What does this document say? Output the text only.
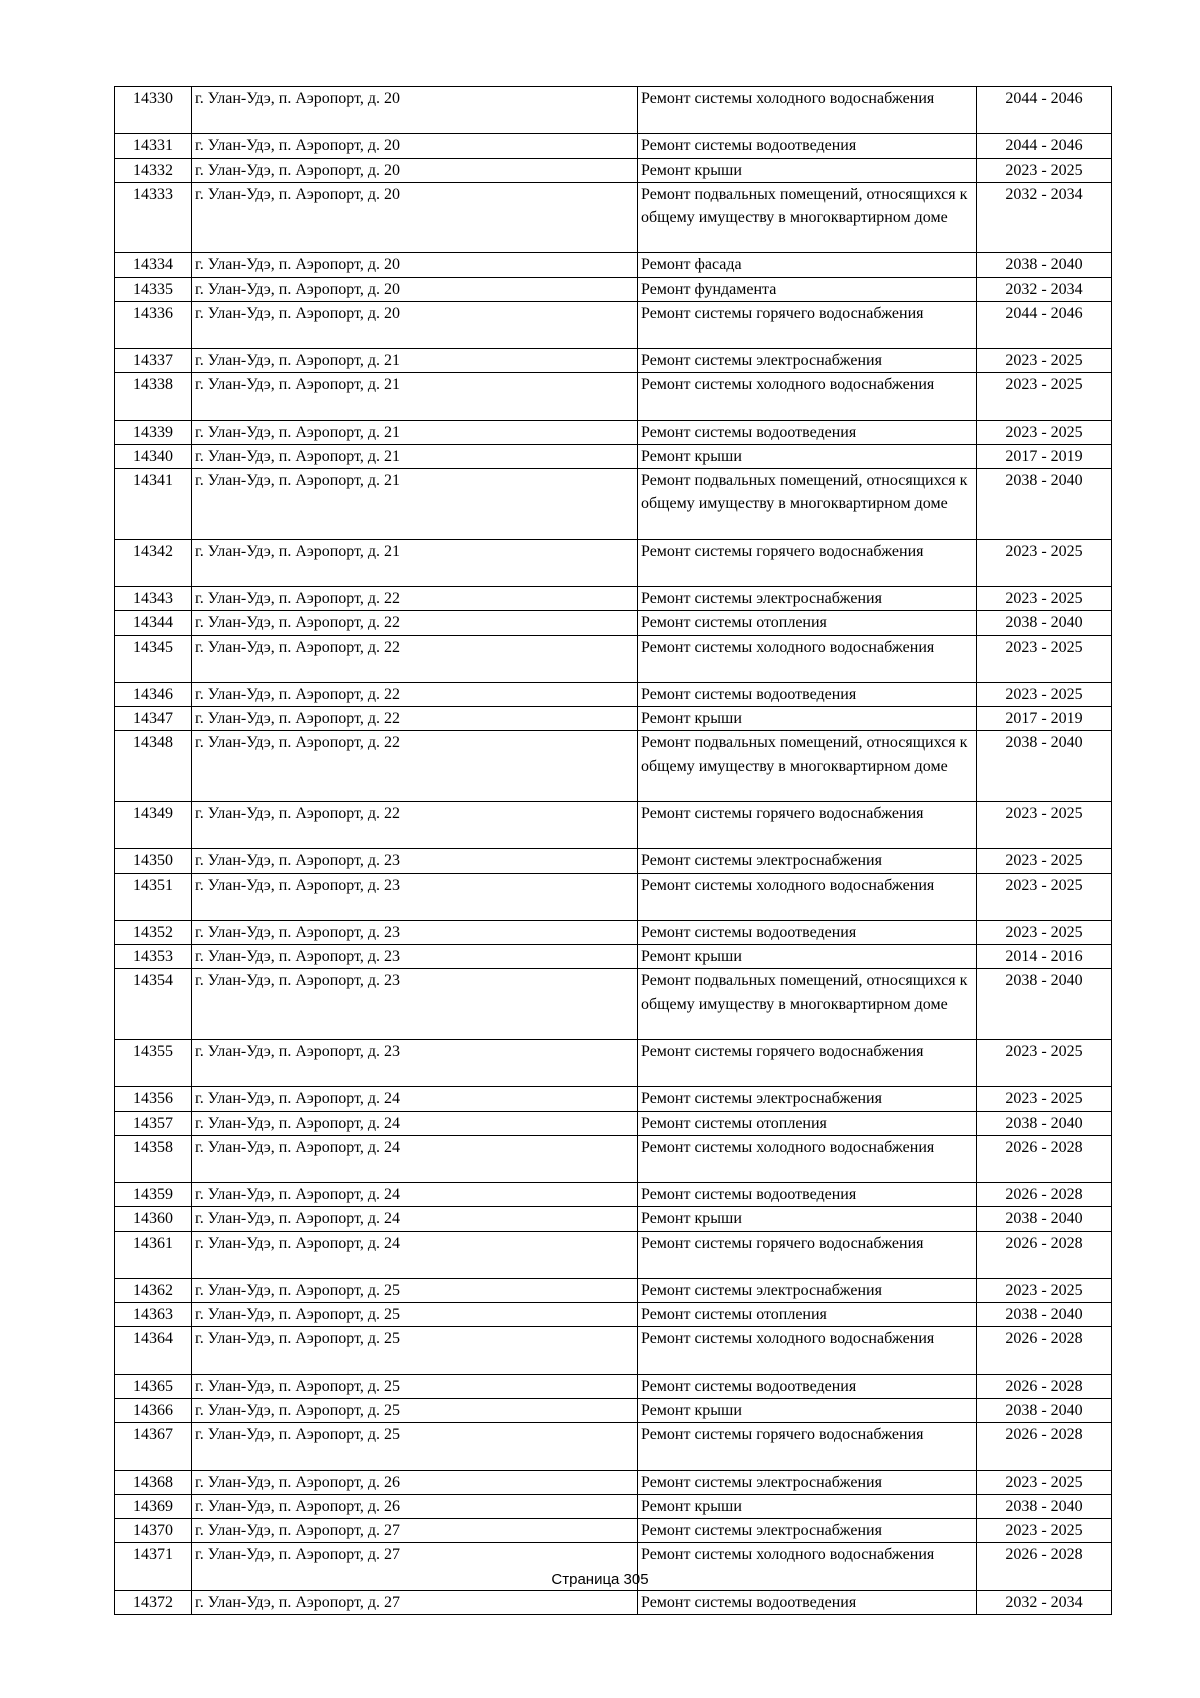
14330	г. Улан-Удэ, п. Аэропорт, д. 20	Ремонт системы холодного водоснабжения	2044 - 2046
14331	г. Улан-Удэ, п. Аэропорт, д. 20	Ремонт системы водоотведения	2044 - 2046
14332	г. Улан-Удэ, п. Аэропорт, д. 20	Ремонт крыши	2023 - 2025
14333	г. Улан-Удэ, п. Аэропорт, д. 20	Ремонт подвальных помещений, относящихся к общему имуществу в многоквартирном доме	2032 - 2034
14334	г. Улан-Удэ, п. Аэропорт, д. 20	Ремонт фасада	2038 - 2040
14335	г. Улан-Удэ, п. Аэропорт, д. 20	Ремонт фундамента	2032 - 2034
14336	г. Улан-Удэ, п. Аэропорт, д. 20	Ремонт системы горячего водоснабжения	2044 - 2046
14337	г. Улан-Удэ, п. Аэропорт, д. 21	Ремонт системы электроснабжения	2023 - 2025
14338	г. Улан-Удэ, п. Аэропорт, д. 21	Ремонт системы холодного водоснабжения	2023 - 2025
14339	г. Улан-Удэ, п. Аэропорт, д. 21	Ремонт системы водоотведения	2023 - 2025
14340	г. Улан-Удэ, п. Аэропорт, д. 21	Ремонт крыши	2017 - 2019
14341	г. Улан-Удэ, п. Аэропорт, д. 21	Ремонт подвальных помещений, относящихся к общему имуществу в многоквартирном доме	2038 - 2040
14342	г. Улан-Удэ, п. Аэропорт, д. 21	Ремонт системы горячего водоснабжения	2023 - 2025
14343	г. Улан-Удэ, п. Аэропорт, д. 22	Ремонт системы электроснабжения	2023 - 2025
14344	г. Улан-Удэ, п. Аэропорт, д. 22	Ремонт системы отопления	2038 - 2040
14345	г. Улан-Удэ, п. Аэропорт, д. 22	Ремонт системы холодного водоснабжения	2023 - 2025
14346	г. Улан-Удэ, п. Аэропорт, д. 22	Ремонт системы водоотведения	2023 - 2025
14347	г. Улан-Удэ, п. Аэропорт, д. 22	Ремонт крыши	2017 - 2019
14348	г. Улан-Удэ, п. Аэропорт, д. 22	Ремонт подвальных помещений, относящихся к общему имуществу в многоквартирном доме	2038 - 2040
14349	г. Улан-Удэ, п. Аэропорт, д. 22	Ремонт системы горячего водоснабжения	2023 - 2025
14350	г. Улан-Удэ, п. Аэропорт, д. 23	Ремонт системы электроснабжения	2023 - 2025
14351	г. Улан-Удэ, п. Аэропорт, д. 23	Ремонт системы холодного водоснабжения	2023 - 2025
14352	г. Улан-Удэ, п. Аэропорт, д. 23	Ремонт системы водоотведения	2023 - 2025
14353	г. Улан-Удэ, п. Аэропорт, д. 23	Ремонт крыши	2014 - 2016
14354	г. Улан-Удэ, п. Аэропорт, д. 23	Ремонт подвальных помещений, относящихся к общему имуществу в многоквартирном доме	2038 - 2040
14355	г. Улан-Удэ, п. Аэропорт, д. 23	Ремонт системы горячего водоснабжения	2023 - 2025
14356	г. Улан-Удэ, п. Аэропорт, д. 24	Ремонт системы электроснабжения	2023 - 2025
14357	г. Улан-Удэ, п. Аэропорт, д. 24	Ремонт системы отопления	2038 - 2040
14358	г. Улан-Удэ, п. Аэропорт, д. 24	Ремонт системы холодного водоснабжения	2026 - 2028
14359	г. Улан-Удэ, п. Аэропорт, д. 24	Ремонт системы водоотведения	2026 - 2028
14360	г. Улан-Удэ, п. Аэропорт, д. 24	Ремонт крыши	2038 - 2040
14361	г. Улан-Удэ, п. Аэропорт, д. 24	Ремонт системы горячего водоснабжения	2026 - 2028
14362	г. Улан-Удэ, п. Аэропорт, д. 25	Ремонт системы электроснабжения	2023 - 2025
14363	г. Улан-Удэ, п. Аэропорт, д. 25	Ремонт системы отопления	2038 - 2040
14364	г. Улан-Удэ, п. Аэропорт, д. 25	Ремонт системы холодного водоснабжения	2026 - 2028
14365	г. Улан-Удэ, п. Аэропорт, д. 25	Ремонт системы водоотведения	2026 - 2028
14366	г. Улан-Удэ, п. Аэропорт, д. 25	Ремонт крыши	2038 - 2040
14367	г. Улан-Удэ, п. Аэропорт, д. 25	Ремонт системы горячего водоснабжения	2026 - 2028
14368	г. Улан-Удэ, п. Аэропорт, д. 26	Ремонт системы электроснабжения	2023 - 2025
14369	г. Улан-Удэ, п. Аэропорт, д. 26	Ремонт крыши	2038 - 2040
14370	г. Улан-Удэ, п. Аэропорт, д. 27	Ремонт системы электроснабжения	2023 - 2025
14371	г. Улан-Удэ, п. Аэропорт, д. 27	Ремонт системы холодного водоснабжения	2026 - 2028
14372	г. Улан-Удэ, п. Аэропорт, д. 27	Ремонт системы водоотведения	2032 - 2034
Страница 305
